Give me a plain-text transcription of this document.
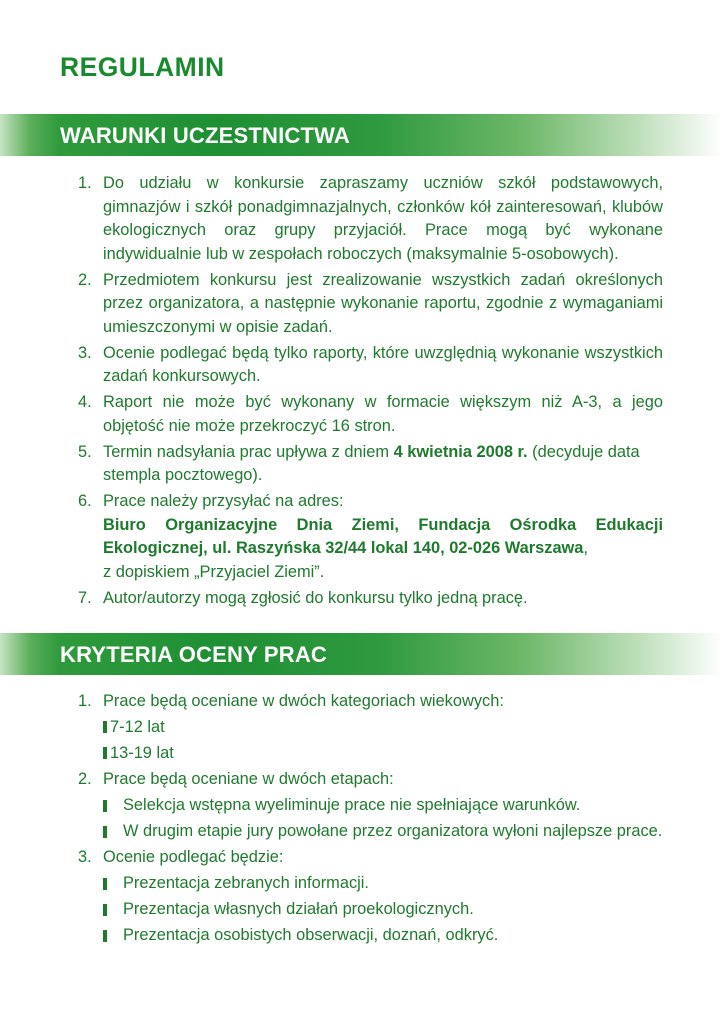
REGULAMIN
WARUNKI UCZESTNICTWA
1. Do udziału w konkursie zapraszamy uczniów szkół podstawowych, gimnazjów i szkół ponadgimnazjalnych, członków kół zainteresowań, klubów ekologicznych oraz grupy przyjaciół. Prace mogą być wykonane indywidualnie lub w zespołach roboczych (maksymalnie 5-osobowych).
2. Przedmiotem konkursu jest zrealizowanie wszystkich zadań określonych przez organizatora, a następnie wykonanie raportu, zgodnie z wymaganiami umieszczonymi w opisie zadań.
3. Ocenie podlegać będą tylko raporty, które uwzględnią wykonanie wszystkich zadań konkursowych.
4. Raport nie może być wykonany w formacie większym niż A-3, a jego objętość nie może przekroczyć 16 stron.
5. Termin nadsyłania prac upływa z dniem 4 kwietnia 2008 r. (decyduje data stempla pocztowego).
6. Prace należy przysyłać na adres:
Biuro Organizacyjne Dnia Ziemi, Fundacja Ośrodka Edukacji Ekologicznej, ul. Raszyńska 32/44 lokal 140, 02-026 Warszawa,
z dopiskiem „Przyjaciel Ziemi”.
7. Autor/autorzy mogą zgłosić do konkursu tylko jedną pracę.
KRYTERIA OCENY PRAC
1. Prace będą oceniane w dwóch kategoriach wiekowych:
7-12 lat
13-19 lat
2. Prace będą oceniane w dwóch etapach:
Selekcja wstępna wyeliminuje prace nie spełniające warunków.
W drugim etapie jury powołane przez organizatora wyłoni najlepsze prace.
3. Ocenie podlegać będzie:
Prezentacja zebranych informacji.
Prezentacja własnych działań proekologicznych.
Prezentacja osobistych obserwacji, doznań, odkryć.
